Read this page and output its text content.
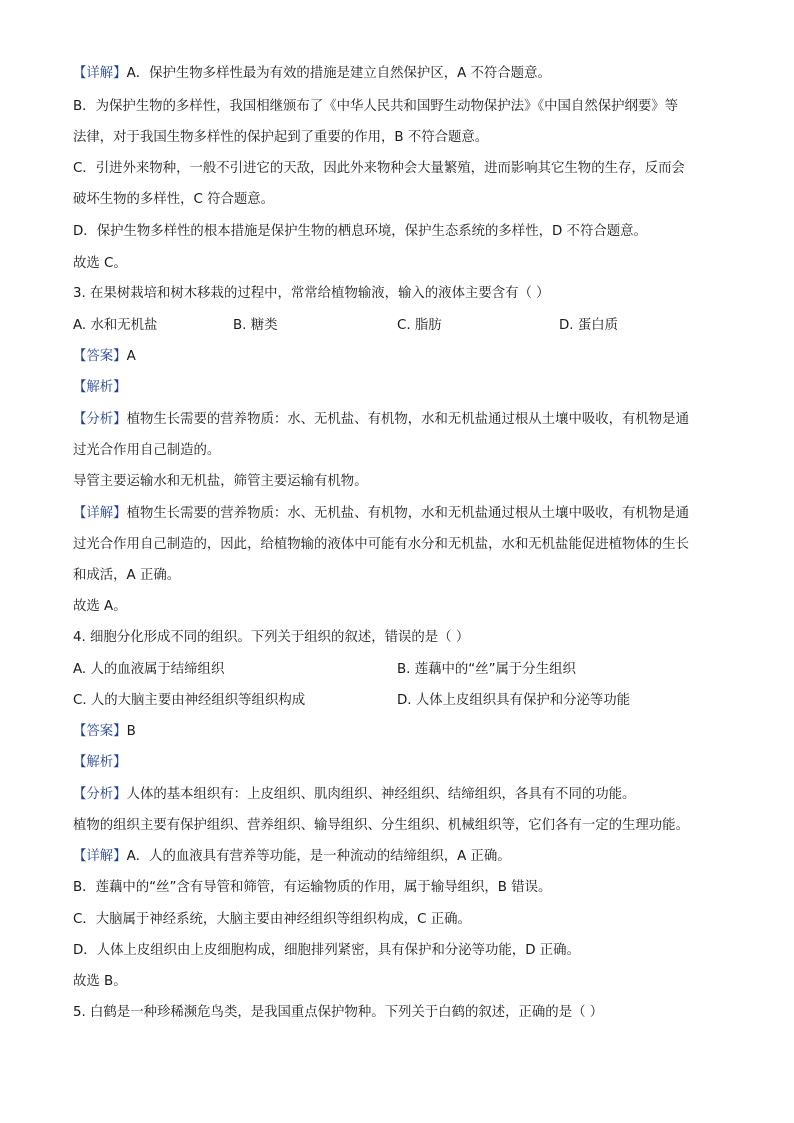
【详解】A．保护生物多样性最为有效的措施是建立自然保护区，A 不符合题意。
B．为保护生物的多样性，我国相继颁布了《中华人民共和国野生动物保护法》《中国自然保护纲要》等
法律，对于我国生物多样性的保护起到了重要的作用，B 不符合题意。
C．引进外来物种，一般不引进它的天敌，因此外来物种会大量繁殖，进而影响其它生物的生存，反而会
破坏生物的多样性，C 符合题意。
D．保护生物多样性的根本措施是保护生物的栖息环境，保护生态系统的多样性，D 不符合题意。
故选 C。
3. 在果树栽培和树木移栽的过程中，常常给植物输液，输入的液体主要含有（ ）
A. 水和无机盐	B. 糖类	C. 脂肪	D. 蛋白质
【答案】A
【解析】
【分析】植物生长需要的营养物质：水、无机盐、有机物，水和无机盐通过根从土壤中吸收，有机物是通
过光合作用自己制造的。
导管主要运输水和无机盐，筛管主要运输有机物。
【详解】植物生长需要的营养物质：水、无机盐、有机物，水和无机盐通过根从土壤中吸收，有机物是通
过光合作用自己制造的，因此，给植物输的液体中可能有水分和无机盐，水和无机盐能促进植物体的生长
和成活，A 正确。
故选 A。
4. 细胞分化形成不同的组织。下列关于组织的叙述，错误的是（ ）
A. 人的血液属于结缔组织	B. 莲藕中的“丝”属于分生组织
C. 人的大脑主要由神经组织等组织构成	D. 人体上皮组织具有保护和分泌等功能
【答案】B
【解析】
【分析】人体的基本组织有：上皮组织、肌肉组织、神经组织、结缔组织，各具有不同的功能。
植物的组织主要有保护组织、营养组织、输导组织、分生组织、机械组织等，它们各有一定的生理功能。
【详解】A．人的血液具有营养等功能，是一种流动的结缔组织，A 正确。
B．莲藕中的“丝”含有导管和筛管，有运输物质的作用，属于输导组织，B 错误。
C．大脑属于神经系统，大脑主要由神经组织等组织构成，C 正确。
D．人体上皮组织由上皮细胞构成，细胞排列紧密，具有保护和分泌等功能，D 正确。
故选 B。
5. 白鹤是一种珍稀濒危鸟类，是我国重点保护物种。下列关于白鹤的叙述，正确的是（ ）
